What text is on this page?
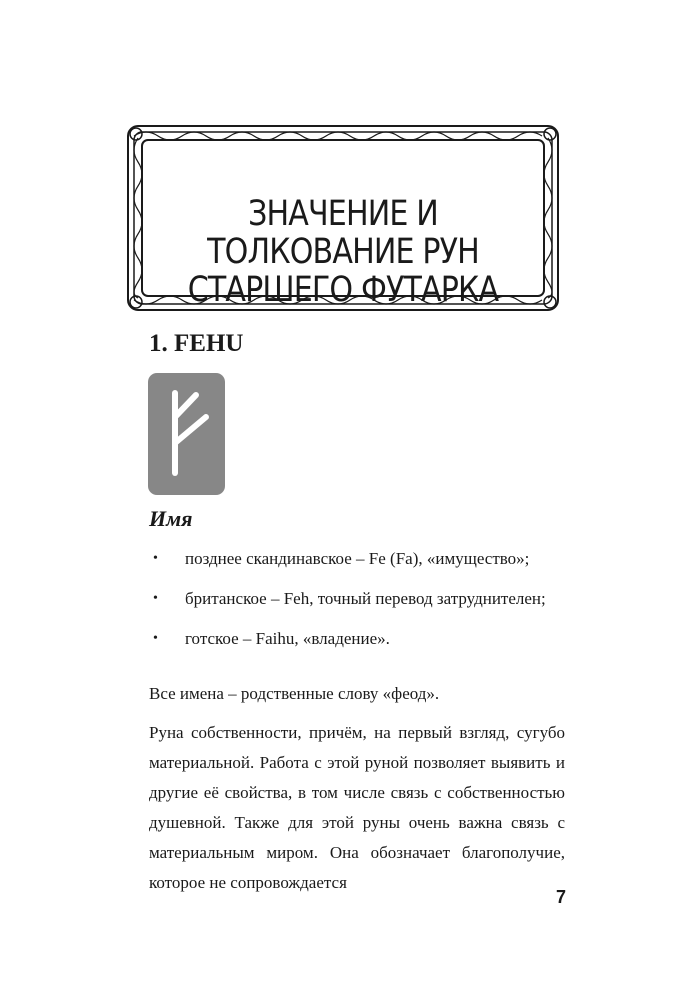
ЗНАЧЕНИЕ И
ТОЛКОВАНИЕ РУН
СТАРШЕГО ФУТАРКА
1. FEHU
Имя
• позднее скандинавское – Fe (Fa), «имущество»;
• британское – Feh, точный перевод затруднителен;
• готское – Faihu, «владение».

Все имена – родственные слову «феод».

Руна собственности, причём, на первый взгляд, сугубо материальной. Работа с этой руной позволяет выявить и другие её свойства, в том числе связь с собственностью душевной. Также для этой руны очень важна связь с материальным миром. Она обозначает благополучие, которое не сопровождается

7
